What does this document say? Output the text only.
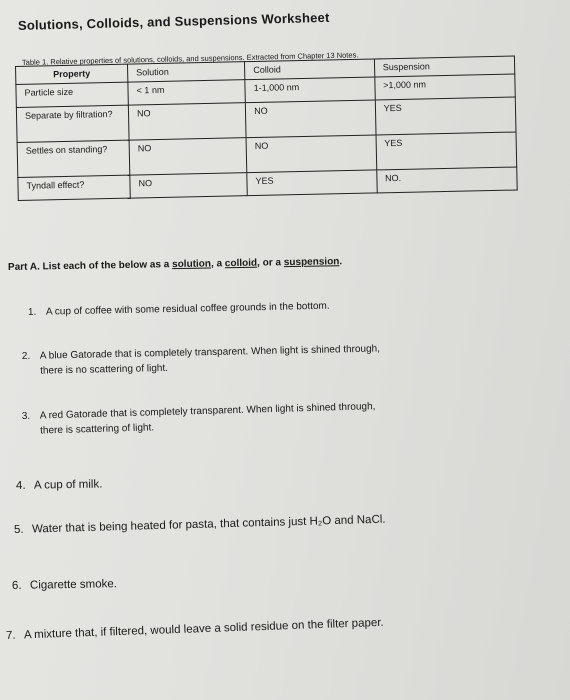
Solutions, Colloids, and Suspensions Worksheet
Table 1. Relative properties of solutions, colloids, and suspensions. Extracted from Chapter 13 Notes.
Property	Solution	Colloid	Suspension
Particle size	< 1 nm	1-1,000 nm	>1,000 nm
Separate by filtration?	NO	NO	YES
Settles on standing?	NO	NO	YES
Tyndall effect?	NO	YES	NO.
Part A. List each of the below as a solution, a colloid, or a suspension.
1. A cup of coffee with some residual coffee grounds in the bottom.
2. A blue Gatorade that is completely transparent. When light is shined through,
there is no scattering of light.
3. A red Gatorade that is completely transparent. When light is shined through,
there is scattering of light.
4. A cup of milk.
5. Water that is being heated for pasta, that contains just H₂O and NaCl.
6. Cigarette smoke.
7. A mixture that, if filtered, would leave a solid residue on the filter paper.
